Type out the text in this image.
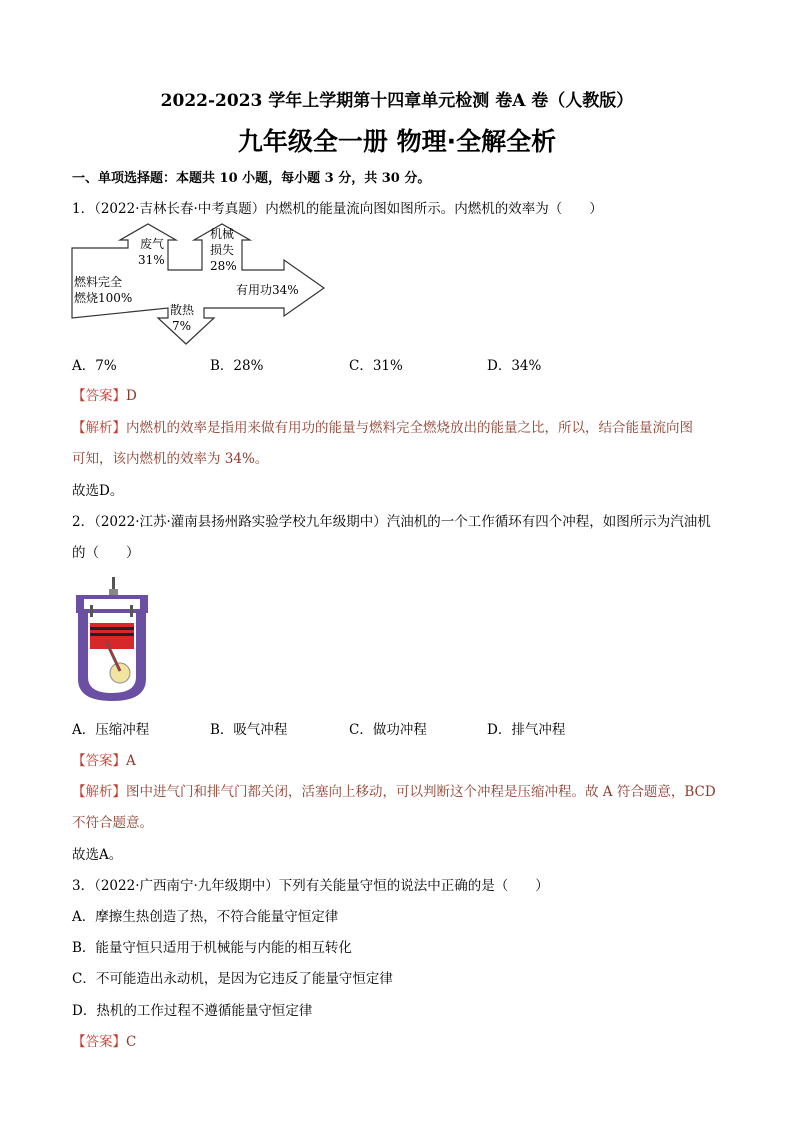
2022-2023 学年上学期第十四章单元检测 卷A 卷（人教版）
九年级全一册 物理·全解全析
一、单项选择题：本题共 10 小题，每小题 3 分，共 30 分。
1．（2022·吉林长春·中考真题）内燃机的能量流向图如图所示。内燃机的效率为（　　）
燃料完全
燃烧100%
废气
31%
机械
损失
28%
有用功34%
散热
7%
A．7%	B．28%	C．31%	D．34%
【答案】D
【解析】内燃机的效率是指用来做有用功的能量与燃料完全燃烧放出的能量之比，所以，结合能量流向图
可知，该内燃机的效率为 34%。
故选D。
2．（2022·江苏·灌南县扬州路实验学校九年级期中）汽油机的一个工作循环有四个冲程，如图所示为汽油机
的（　　）
A．压缩冲程	B．吸气冲程	C．做功冲程	D．排气冲程
【答案】A
【解析】图中进气门和排气门都关闭，活塞向上移动，可以判断这个冲程是压缩冲程。故 A 符合题意，BCD
不符合题意。
故选A。
3．（2022·广西南宁·九年级期中）下列有关能量守恒的说法中正确的是（　　）
A．摩擦生热创造了热，不符合能量守恒定律
B．能量守恒只适用于机械能与内能的相互转化
C．不可能造出永动机，是因为它违反了能量守恒定律
D．热机的工作过程不遵循能量守恒定律
【答案】C
